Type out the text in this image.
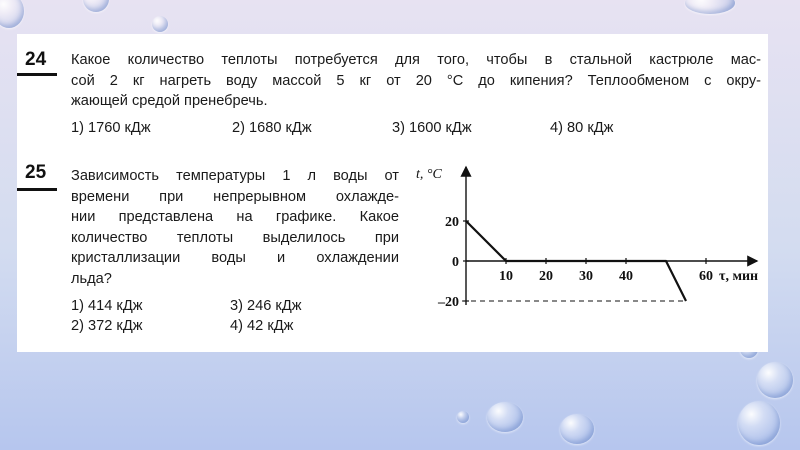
24 Какое количество теплоты потребуется для того, чтобы в стальной кастрюле мас-

сой 2 кг нагреть воду массой 5 кг от 20 °С до кипения? Теплообменом с окру-

жающей средой пренебречь.

1) 1760 кДж	2) 1680 кДж	3) 1600 кДж	4) 80 кДж
25 Зависимость температуры 1 л воды от

времени при непрерывном охлажде-

нии представлена на графике. Какое

количество теплоты выделилось при

кристаллизации воды и охлаждении

льда?

1) 414 кДж	3) 246 кДж
2) 372 кДж	4) 42 кДж
10 20 30 40	60
20
0
–20
t, °С
τ, мин
